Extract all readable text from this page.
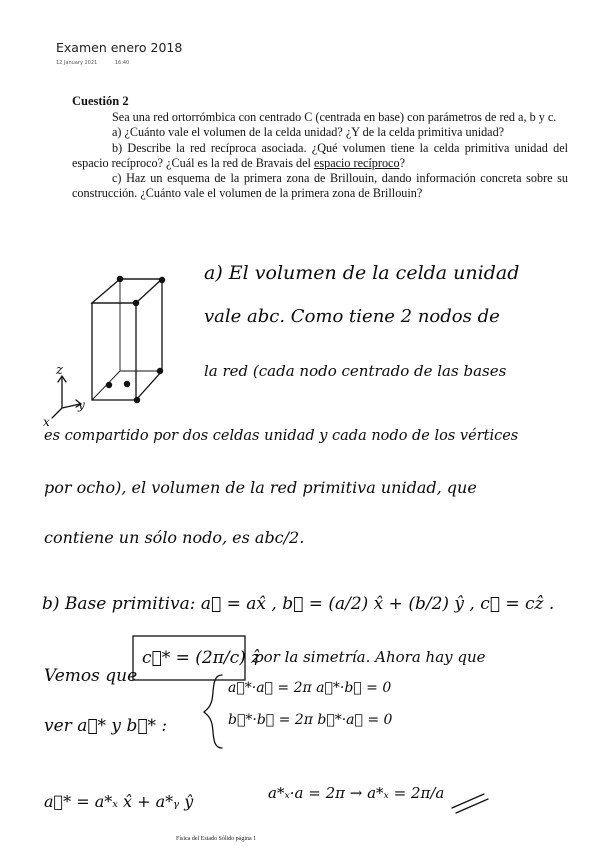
Examen enero 2018
12 January 2021	16:40
Cuestión 2

Sea una red ortorrómbica con centrado C (centrada en base) con parámetros de red a, b y c.

a) ¿Cuánto vale el volumen de la celda unidad? ¿Y de la celda primitiva unidad?

b) Describe la red recíproca asociada. ¿Qué volumen tiene la celda primitiva unidad del espacio recíproco? ¿Cuál es la red de Bravais del espacio recíproco?

c) Haz un esquema de la primera zona de Brillouin, dando información concreta sobre su construcción. ¿Cuánto vale el volumen de la primera zona de Brillouin?

z
y
x
a) El volumen de la celda unidad
vale abc. Como tiene 2 nodos de
la red (cada nodo centrado de las bases
es compartido por dos celdas unidad y cada nodo de los vértices
por ocho), el volumen de la red primitiva unidad, que
contiene un sólo nodo, es abc/2.
b) Base primitiva: a⃗ = ax̂ , b⃗ = (a/2) x̂ + (b/2) ŷ , c⃗ = cẑ .
Vemos que
c⃗* = (2π/c) ẑ
por la simetría. Ahora hay que
ver a⃗* y b⃗* :
a⃗*·a⃗ = 2π a⃗*·b⃗ = 0
b⃗*·b⃗ = 2π b⃗*·a⃗ = 0
a⃗* = a*ₓ x̂ + a*ᵧ ŷ	a*ₓ·a = 2π → a*ₓ = 2π/a
Física del Estado Sólido página 1
